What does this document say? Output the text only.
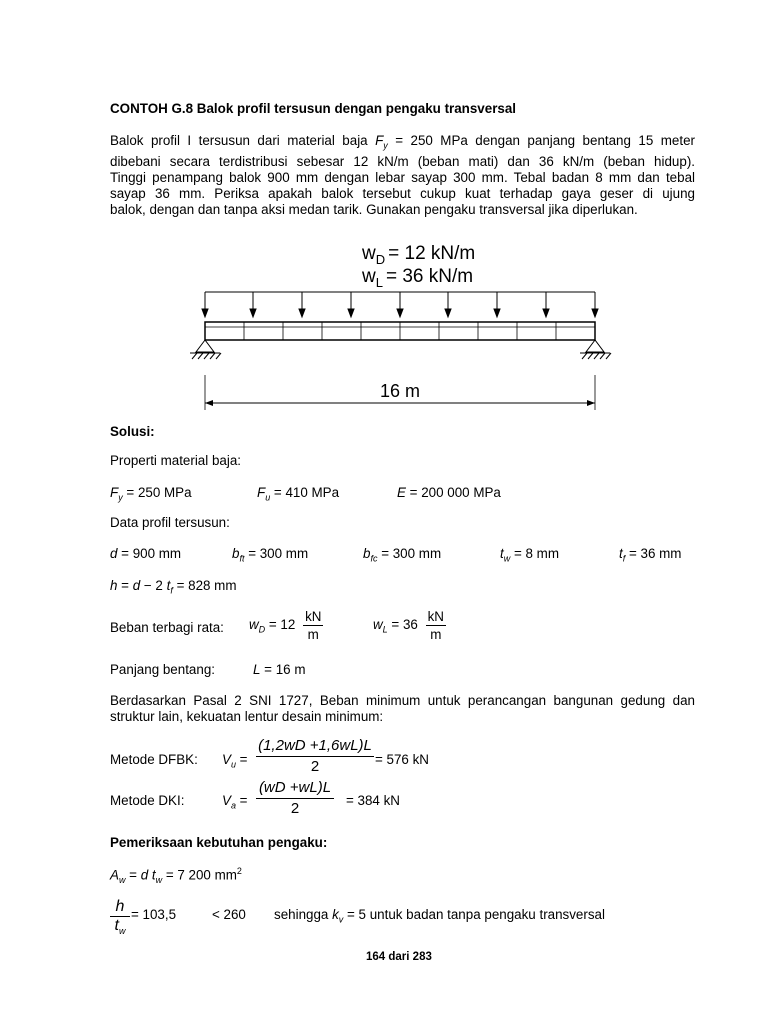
CONTOH G.8 Balok profil tersusun dengan pengaku transversal
Balok profil I tersusun dari material baja $F_y = 250$ MPa dengan panjang bentang 15 meter
dibebani secara terdistribusi sebesar 12 kN/m (beban mati) dan 36 kN/m (beban hidup).
Tinggi penampang balok 900 mm dengan lebar sayap 300 mm. Tebal badan 8 mm dan tebal
sayap 36 mm. Periksa apakah balok tersebut cukup kuat terhadap gaya geser di ujung
balok, dengan dan tanpa aksi medan tarik. Gunakan pengaku transversal jika diperlukan.
$w_D = 12$ kN/m
$w_L = 36$ kN/m
16 m
Solusi:
Properti material baja:
$F_y = 250$ MPa	$F_u = 410$ MPa	E = 200 000 MPa
Data profil tersusun:
d = 900 mm	$b_{ft} = 300$ mm	$b_{fc} = 300$ mm	$t_w = 8$ mm	$t_f = 36$ mm
h = d − 2 $t_f = 828$ mm
Beban terbagi rata: $w_D = 12 \frac{kN}{m}$	$w_L = 36 \frac{kN}{m}$
Panjang bentang:	L = 16 m
Berdasarkan Pasal 2 SNI 1727, Beban minimum untuk perancangan bangunan gedung dan
struktur lain, kekuatan lentur desain minimum:
Metode DFBK: $V_u = \frac{(1,2wD +1,6wL)L}{2} = 576$ kN
Metode DKI:	$V_a = \frac{(wD +wL)L}{2} = 384$ kN
Pemeriksaan kebutuhan pengaku:
$A_w = d$ $t_w = 7$ 200 $mm^2$
$\frac{h}{t_w} = 103,5$	< 260 sehingga $k_v = 5$ untuk badan tanpa pengaku transversal
164 dari 283
